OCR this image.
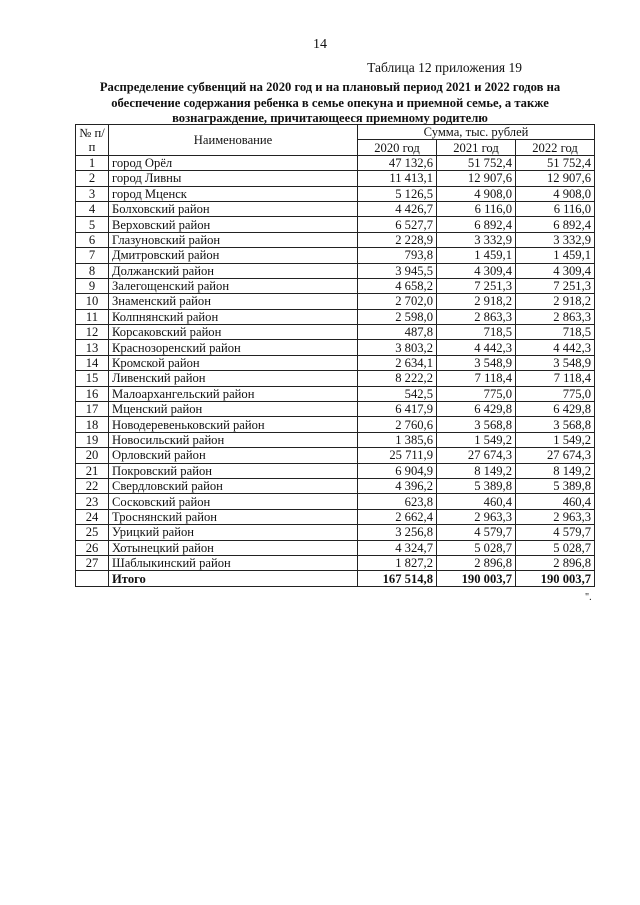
14
Таблица 12 приложения 19
Распределение субвенций на 2020 год и на плановый период 2021 и 2022 годов на обеспечение содержания ребенка в семье опекуна и приемной семье, а также вознаграждение, причитающееся приемному родителю
№ п/п	Наименование	Сумма, тыс. рублей		
		2020 год	2021 год	2022 год
1	город Орёл	47 132,6	51 752,4	51 752,4
2	город Ливны	11 413,1	12 907,6	12 907,6
3	город Мценск	5 126,5	4 908,0	4 908,0
4	Болховский район	4 426,7	6 116,0	6 116,0
5	Верховский район	6 527,7	6 892,4	6 892,4
6	Глазуновский район	2 228,9	3 332,9	3 332,9
7	Дмитровский район	793,8	1 459,1	1 459,1
8	Должанский район	3 945,5	4 309,4	4 309,4
9	Залегощенский район	4 658,2	7 251,3	7 251,3
10	Знаменский район	2 702,0	2 918,2	2 918,2
11	Колпнянский район	2 598,0	2 863,3	2 863,3
12	Корсаковский район	487,8	718,5	718,5
13	Краснозоренский район	3 803,2	4 442,3	4 442,3
14	Кромской район	2 634,1	3 548,9	3 548,9
15	Ливенский район	8 222,2	7 118,4	7 118,4
16	Малоархангельский район	542,5	775,0	775,0
17	Мценский район	6 417,9	6 429,8	6 429,8
18	Новодеревеньковский район	2 760,6	3 568,8	3 568,8
19	Новосильский район	1 385,6	1 549,2	1 549,2
20	Орловский район	25 711,9	27 674,3	27 674,3
21	Покровский район	6 904,9	8 149,2	8 149,2
22	Свердловский район	4 396,2	5 389,8	5 389,8
23	Сосковский район	623,8	460,4	460,4
24	Троснянский район	2 662,4	2 963,3	2 963,3
25	Урицкий район	3 256,8	4 579,7	4 579,7
26	Хотынецкий район	4 324,7	5 028,7	5 028,7
27	Шаблыкинский район	1 827,2	2 896,8	2 896,8
	Итого	167 514,8	190 003,7	190 003,7
".
